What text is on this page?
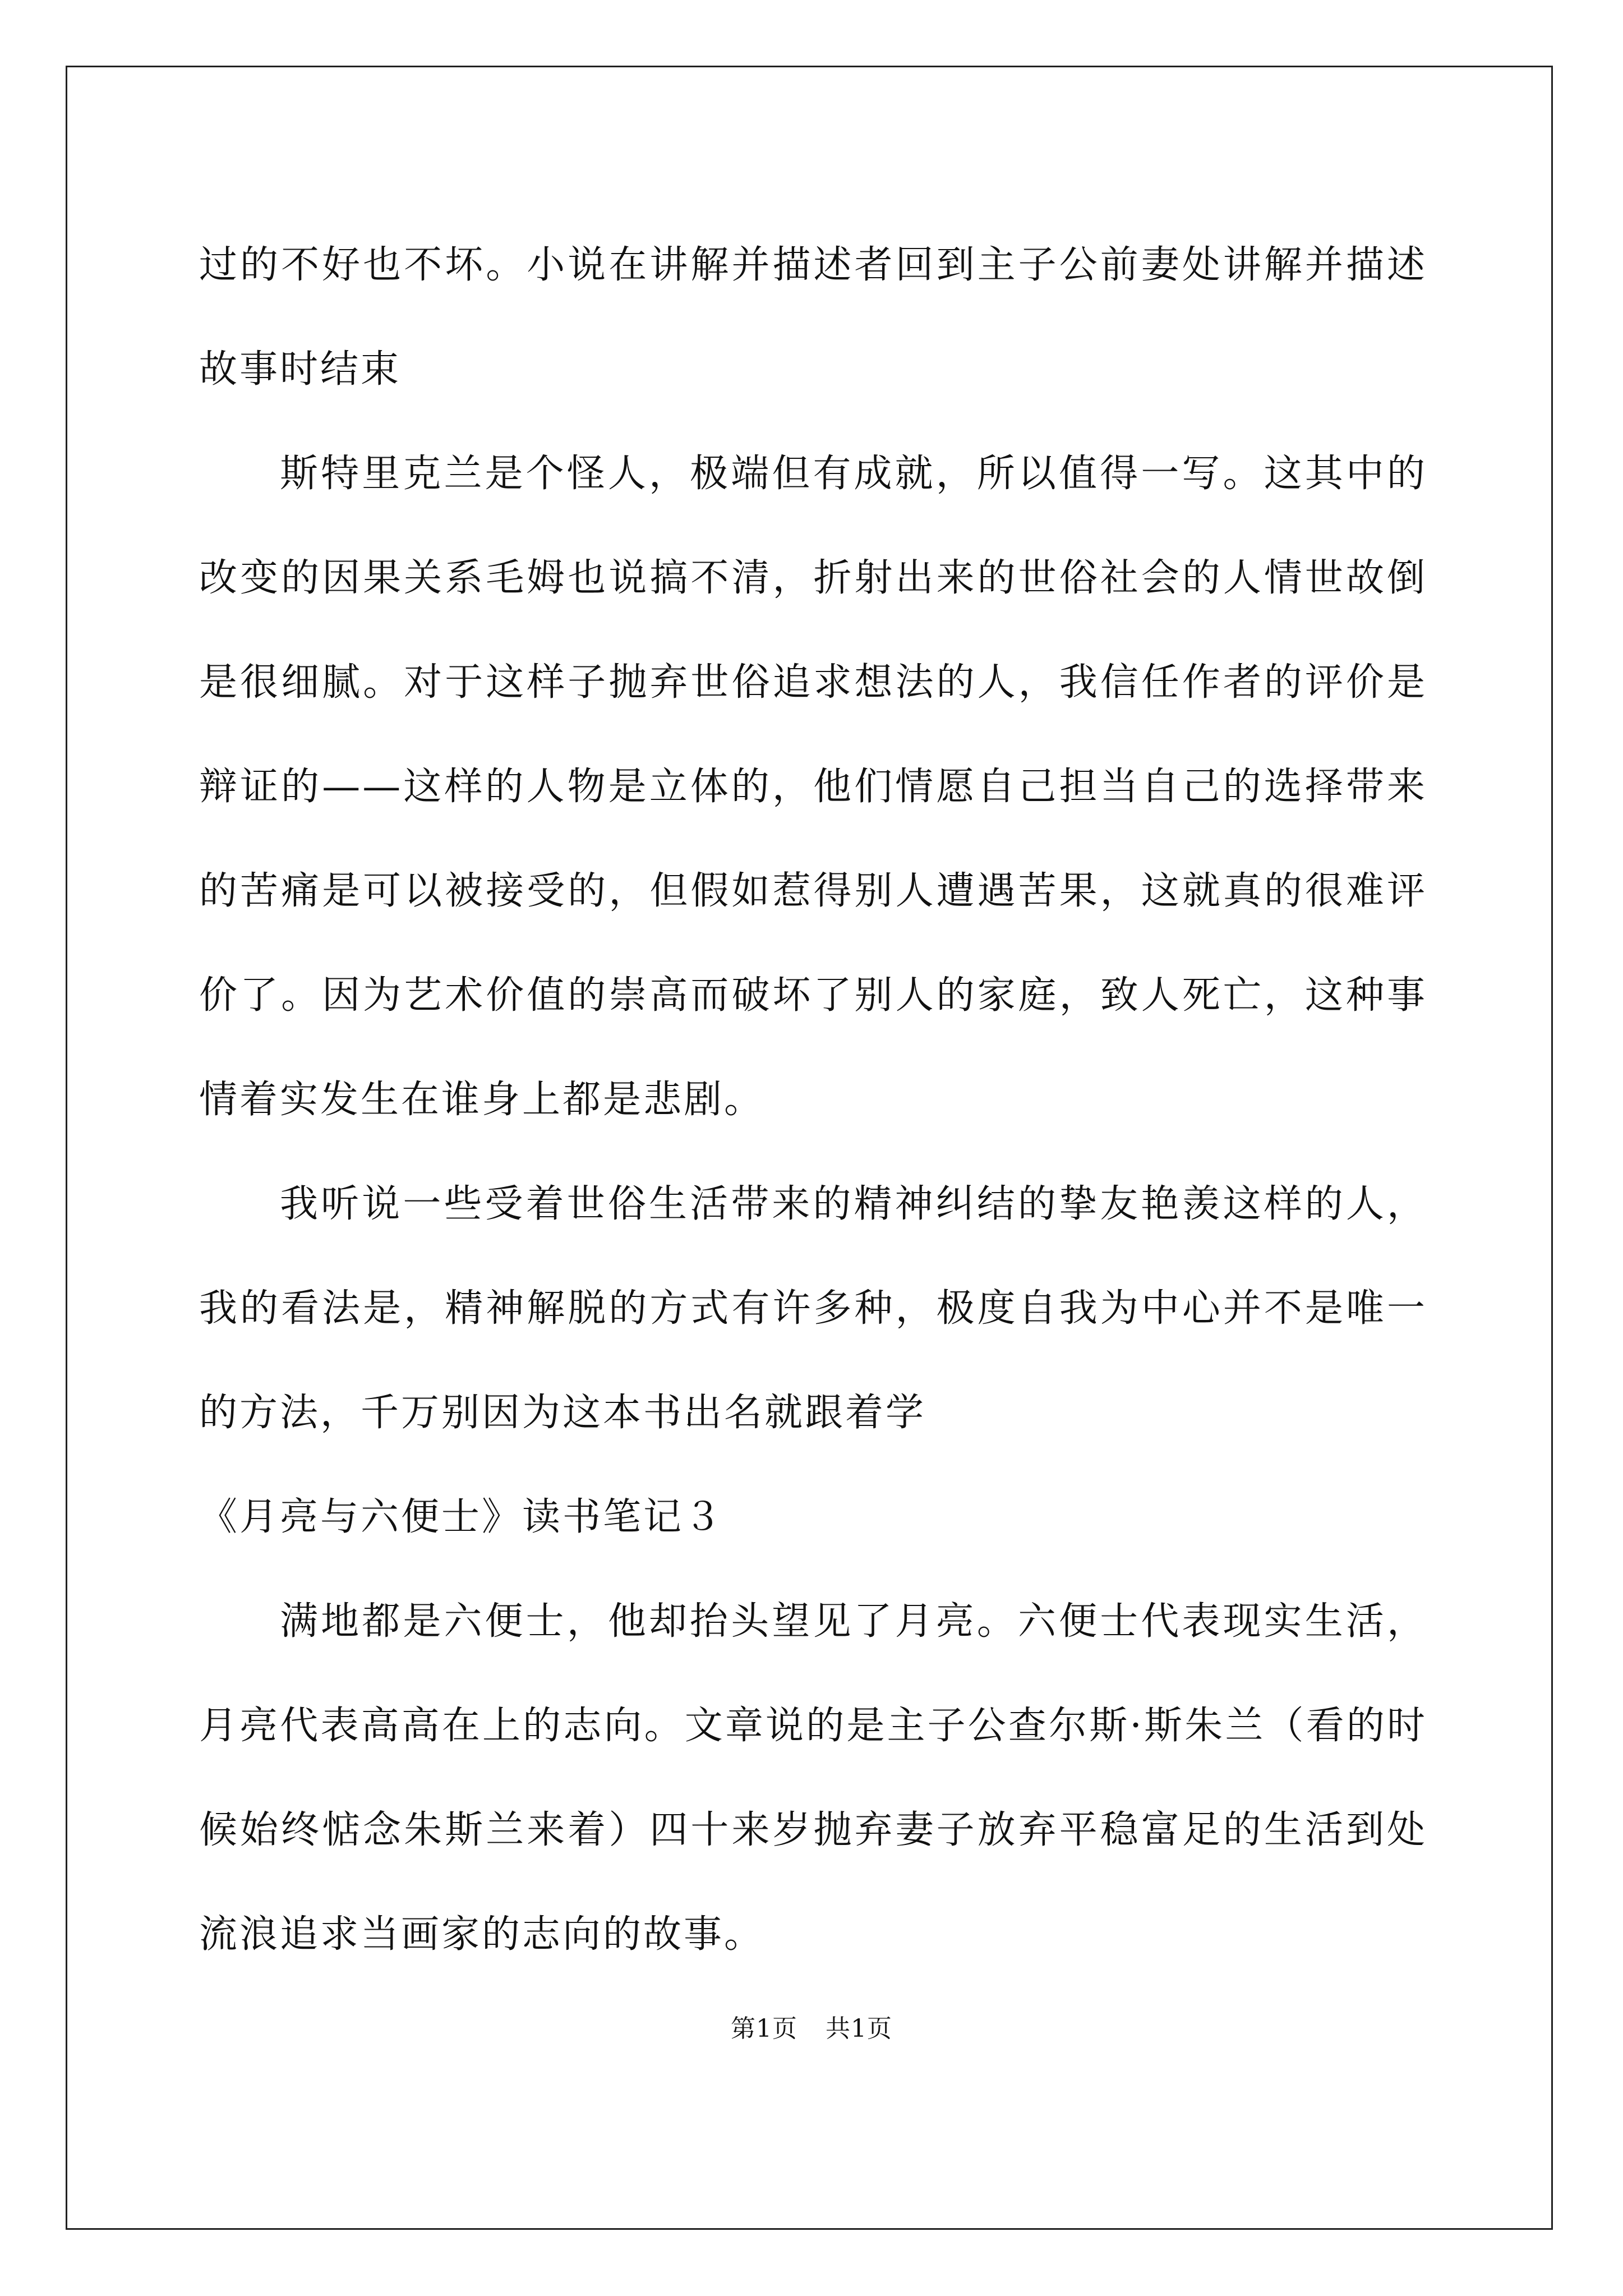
过的不好也不坏。小说在讲解并描述者回到主子公前妻处讲解并描述故事时结束

斯特里克兰是个怪人，极端但有成就，所以值得一写。这其中的改变的因果关系毛姆也说搞不清，折射出来的世俗社会的人情世故倒是很细腻。对于这样子抛弃世俗追求想法的人，我信任作者的评价是辩证的——这样的人物是立体的，他们情愿自己担当自己的选择带来的苦痛是可以被接受的，但假如惹得别人遭遇苦果，这就真的很难评价了。因为艺术价值的崇高而破坏了别人的家庭，致人死亡，这种事情着实发生在谁身上都是悲剧。

我听说一些受着世俗生活带来的精神纠结的挚友艳羡这样的人，我的看法是，精神解脱的方式有许多种，极度自我为中心并不是唯一的方法，千万别因为这本书出名就跟着学

《月亮与六便士》读书笔记３

满地都是六便士，他却抬头望见了月亮。六便士代表现实生活，月亮代表高高在上的志向。文章说的是主子公查尔斯·斯朱兰（看的时候始终惦念朱斯兰来着）四十来岁抛弃妻子放弃平稳富足的生活到处流浪追求当画家的志向的故事。

第1页 共1页
